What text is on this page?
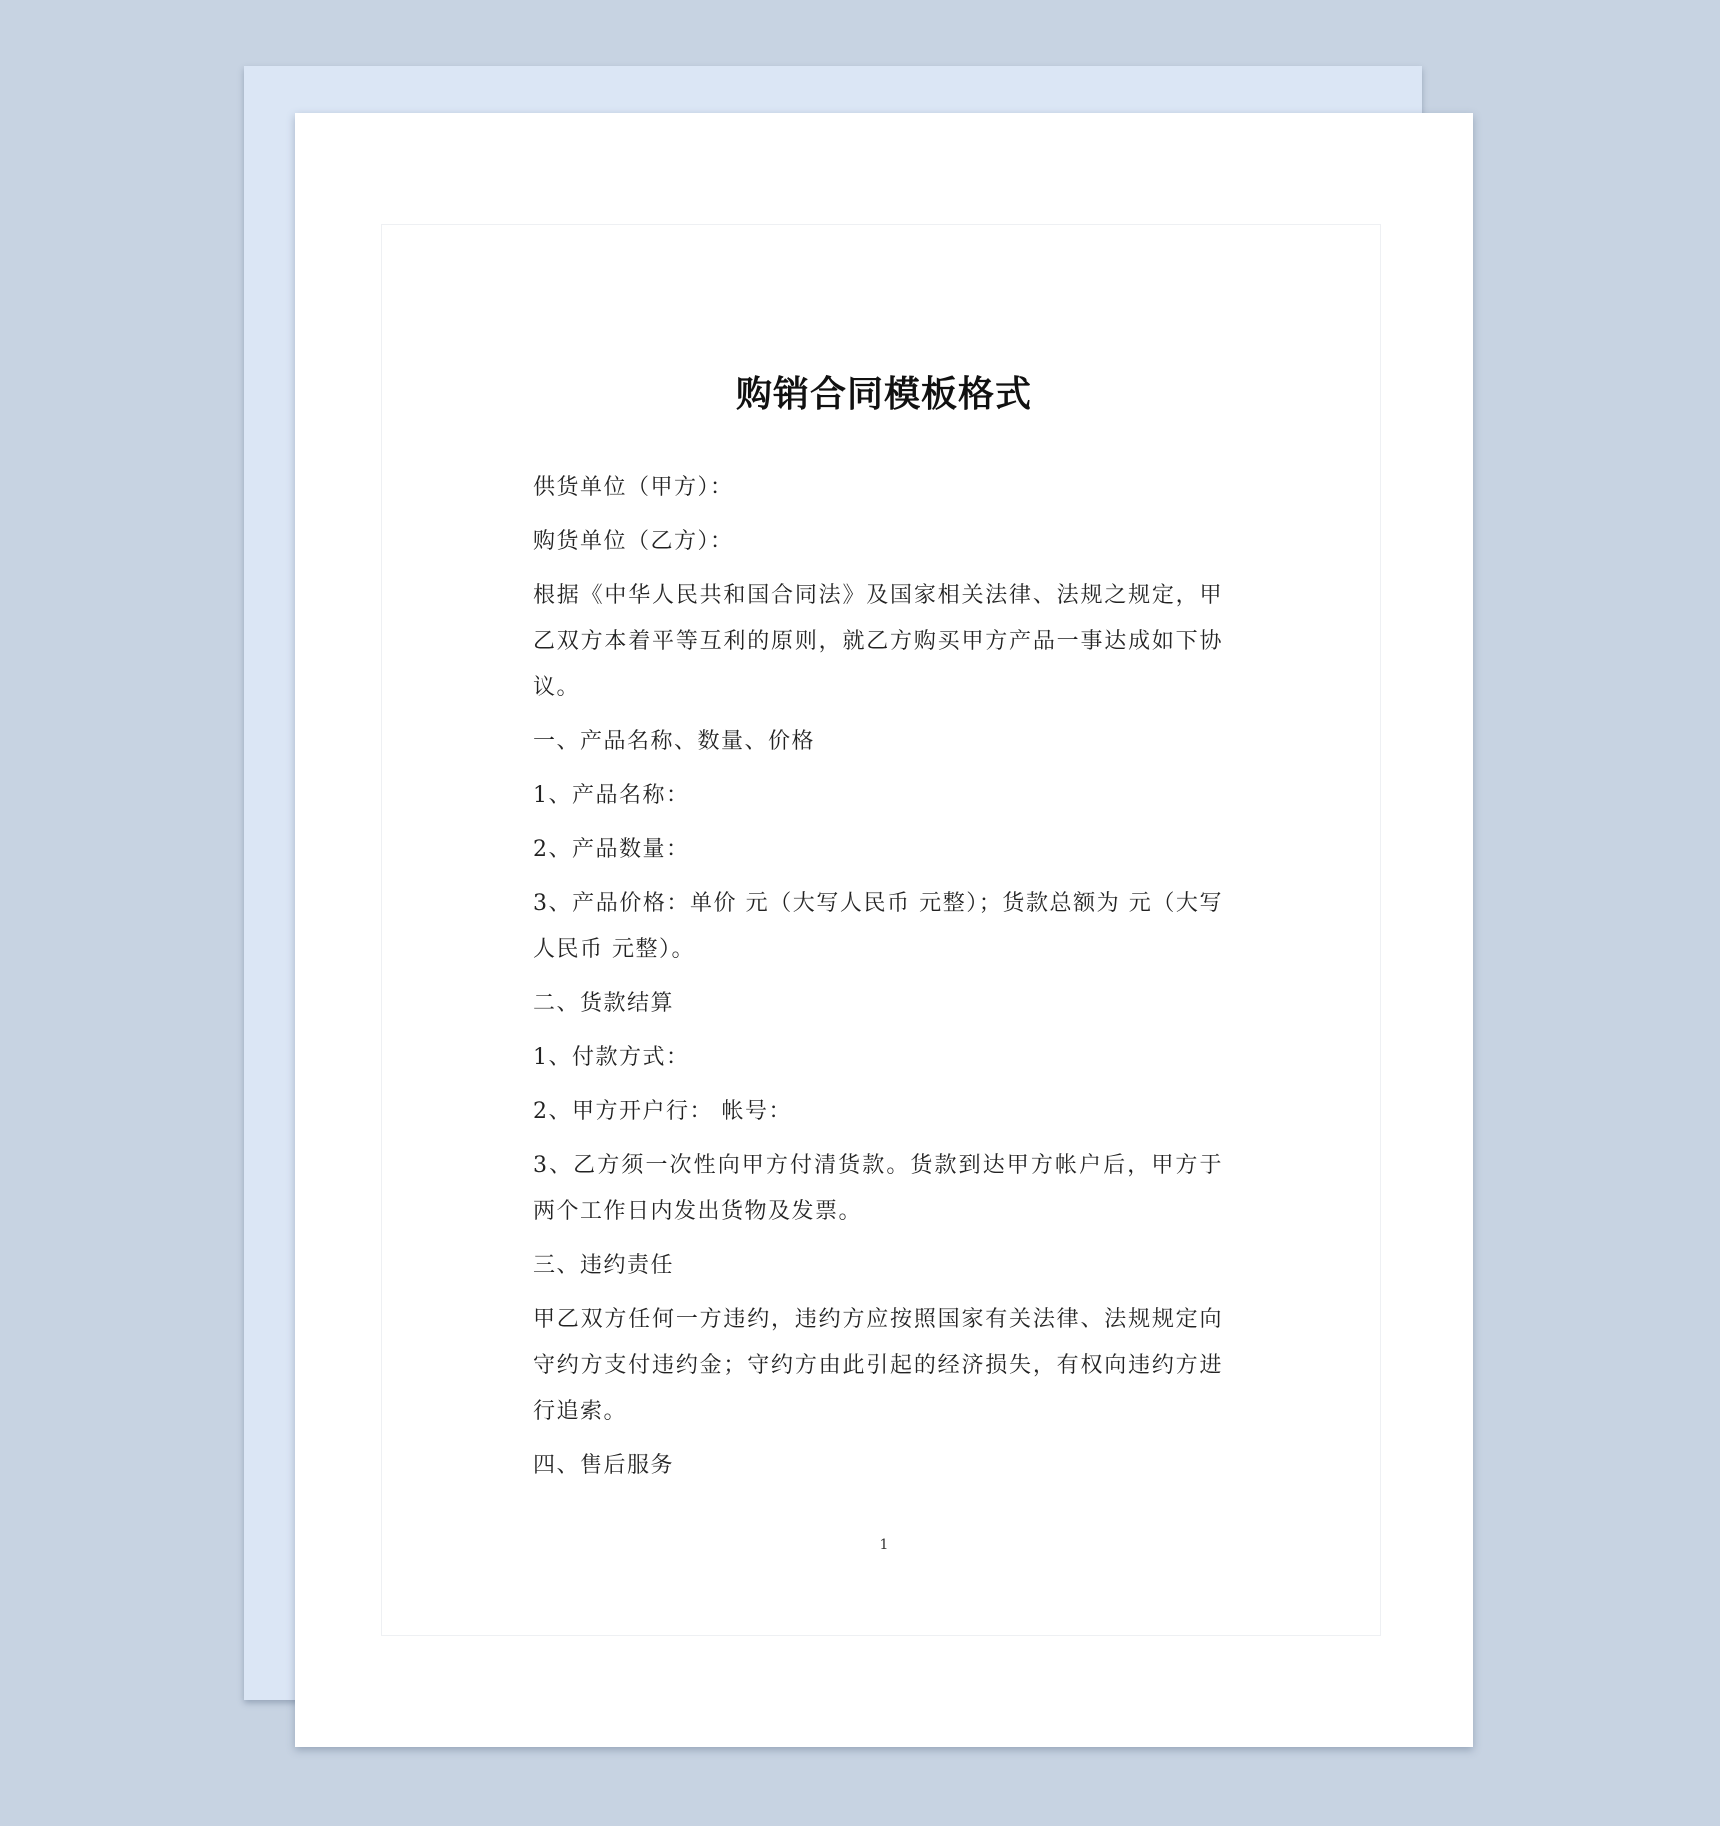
购销合同模板格式

供货单位（甲方）：

购货单位（乙方）：

根据《中华人民共和国合同法》及国家相关法律、法规之规定，甲乙双方本着平等互利的原则，就乙方购买甲方产品一事达成如下协议。

一、产品名称、数量、价格

1、产品名称：

2、产品数量：

3、产品价格：单价 元（大写人民币 元整）；货款总额为 元（大写人民币 元整）。

二、货款结算

1、付款方式：

2、甲方开户行： 帐号：

3、乙方须一次性向甲方付清货款。货款到达甲方帐户后，甲方于两个工作日内发出货物及发票。

三、违约责任

甲乙双方任何一方违约，违约方应按照国家有关法律、法规规定向守约方支付违约金；守约方由此引起的经济损失，有权向违约方进行追索。

四、售后服务

1
